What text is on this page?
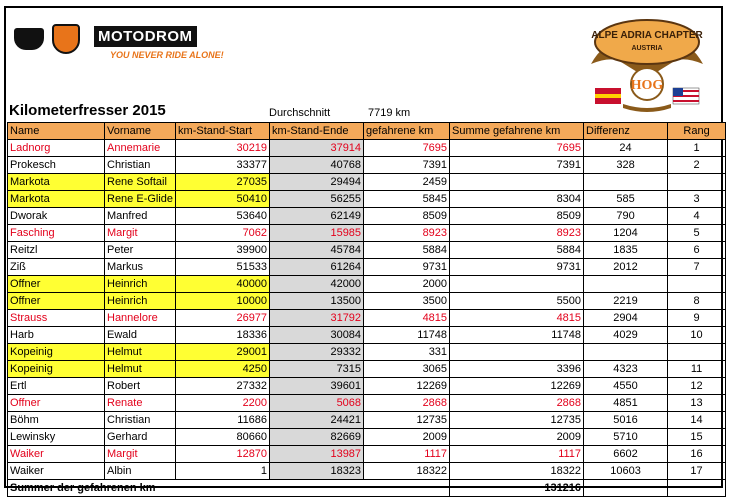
MOTODROM
YOU NEVER RIDE ALONE!
ALPE ADRIA CHAPTER
AUSTRIA
HOG
Kilometerfresser 2015	Durchschnitt	7719 km
Name	Vorname	km-Stand-Start	km-Stand-Ende	gefahrene km	Summe gefahrene km	Differenz	Rang
Ladnorg	Annemarie	30219	37914	7695	7695	24	1
Prokesch	Christian	33377	40768	7391	7391	328	2
Markota	Rene Softail	27035	29494	2459			
Markota	Rene E-Glide	50410	56255	5845	8304	585	3
Dworak	Manfred	53640	62149	8509	8509	790	4
Fasching	Margit	7062	15985	8923	8923	1204	5
Reitzl	Peter	39900	45784	5884	5884	1835	6
Ziß	Markus	51533	61264	9731	9731	2012	7
Offner	Heinrich	40000	42000	2000			
Offner	Heinrich	10000	13500	3500	5500	2219	8
Strauss	Hannelore	26977	31792	4815	4815	2904	9
Harb	Ewald	18336	30084	11748	11748	4029	10
Kopeinig	Helmut	29001	29332	331			
Kopeinig	Helmut	4250	7315	3065	3396	4323	11
Ertl	Robert	27332	39601	12269	12269	4550	12
Offner	Renate	2200	5068	2868	2868	4851	13
Böhm	Christian	11686	24421	12735	12735	5016	14
Lewinsky	Gerhard	80660	82669	2009	2009	5710	15
Waiker	Margit	12870	13987	1117	1117	6602	16
Waiker	Albin	1	18323	18322	18322	10603	17
Summer der gefahrenen km					131216		
